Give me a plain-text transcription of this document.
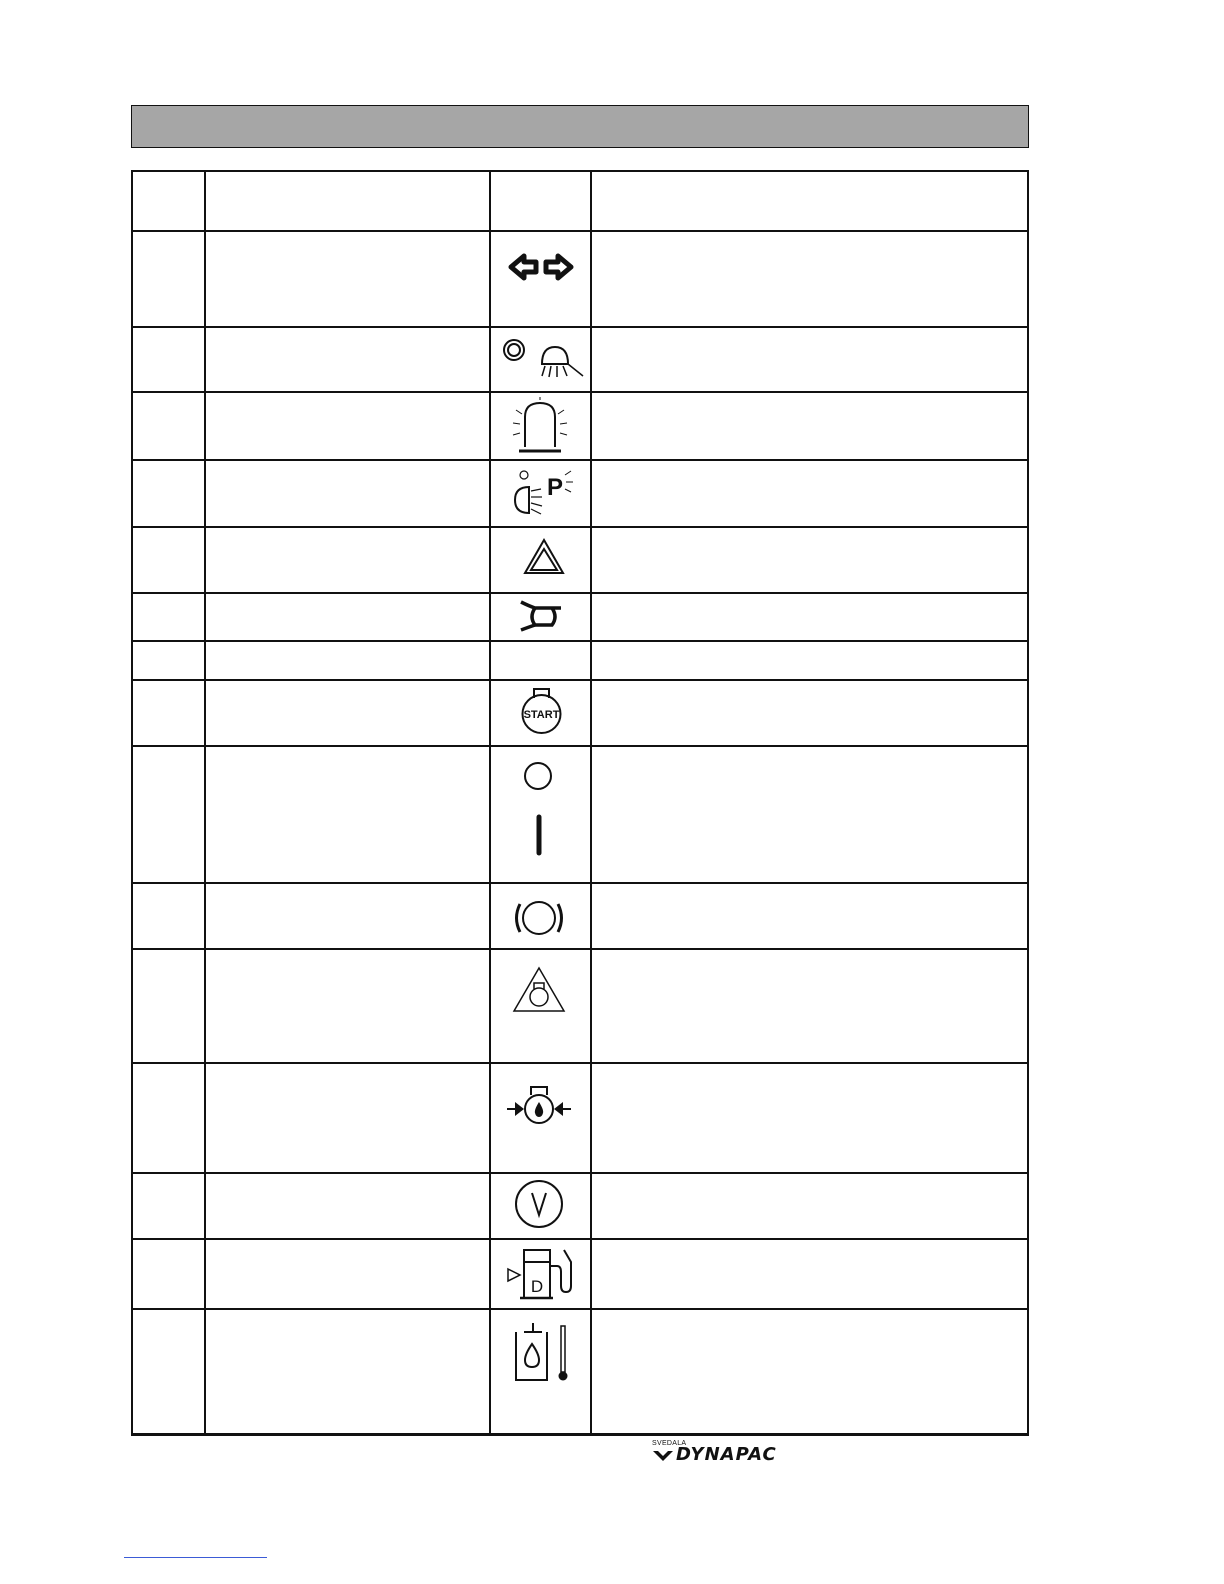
P	

START	

D	

SVEDALA
DYNAPAC
